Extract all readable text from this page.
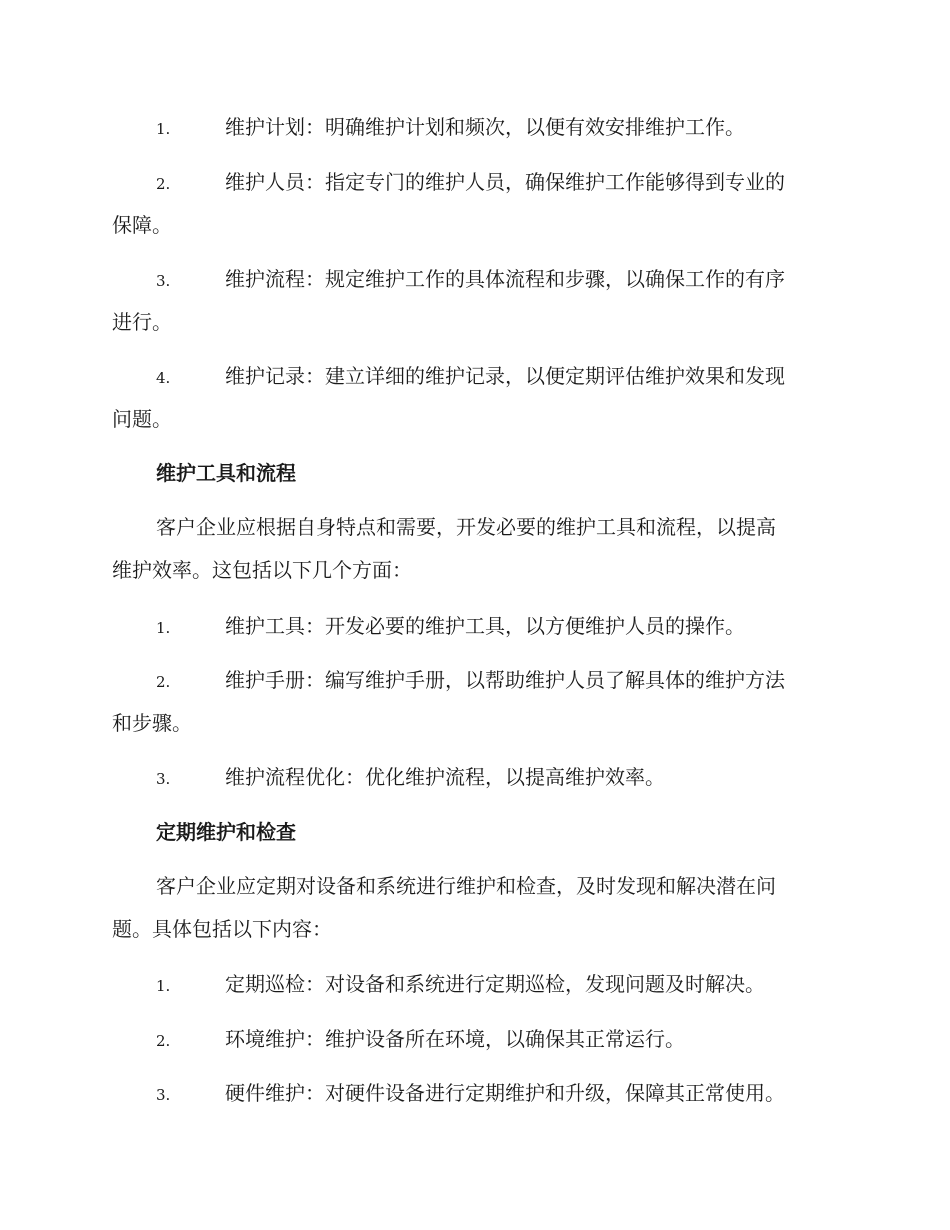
1.	维护计划：明确维护计划和频次，以便有效安排维护工作。
2.	维护人员：指定专门的维护人员，确保维护工作能够得到专业的
保障。
3.	维护流程：规定维护工作的具体流程和步骤，以确保工作的有序
进行。
4.	维护记录：建立详细的维护记录，以便定期评估维护效果和发现
问题。
维护工具和流程
客户企业应根据自身特点和需要，开发必要的维护工具和流程，以提高
维护效率。这包括以下几个方面：
1.	维护工具：开发必要的维护工具，以方便维护人员的操作。
2.	维护手册：编写维护手册，以帮助维护人员了解具体的维护方法
和步骤。
3.	维护流程优化：优化维护流程，以提高维护效率。
定期维护和检查
客户企业应定期对设备和系统进行维护和检查，及时发现和解决潜在问
题。具体包括以下内容：
1.	定期巡检：对设备和系统进行定期巡检，发现问题及时解决。
2.	环境维护：维护设备所在环境，以确保其正常运行。
3.	硬件维护：对硬件设备进行定期维护和升级，保障其正常使用。
